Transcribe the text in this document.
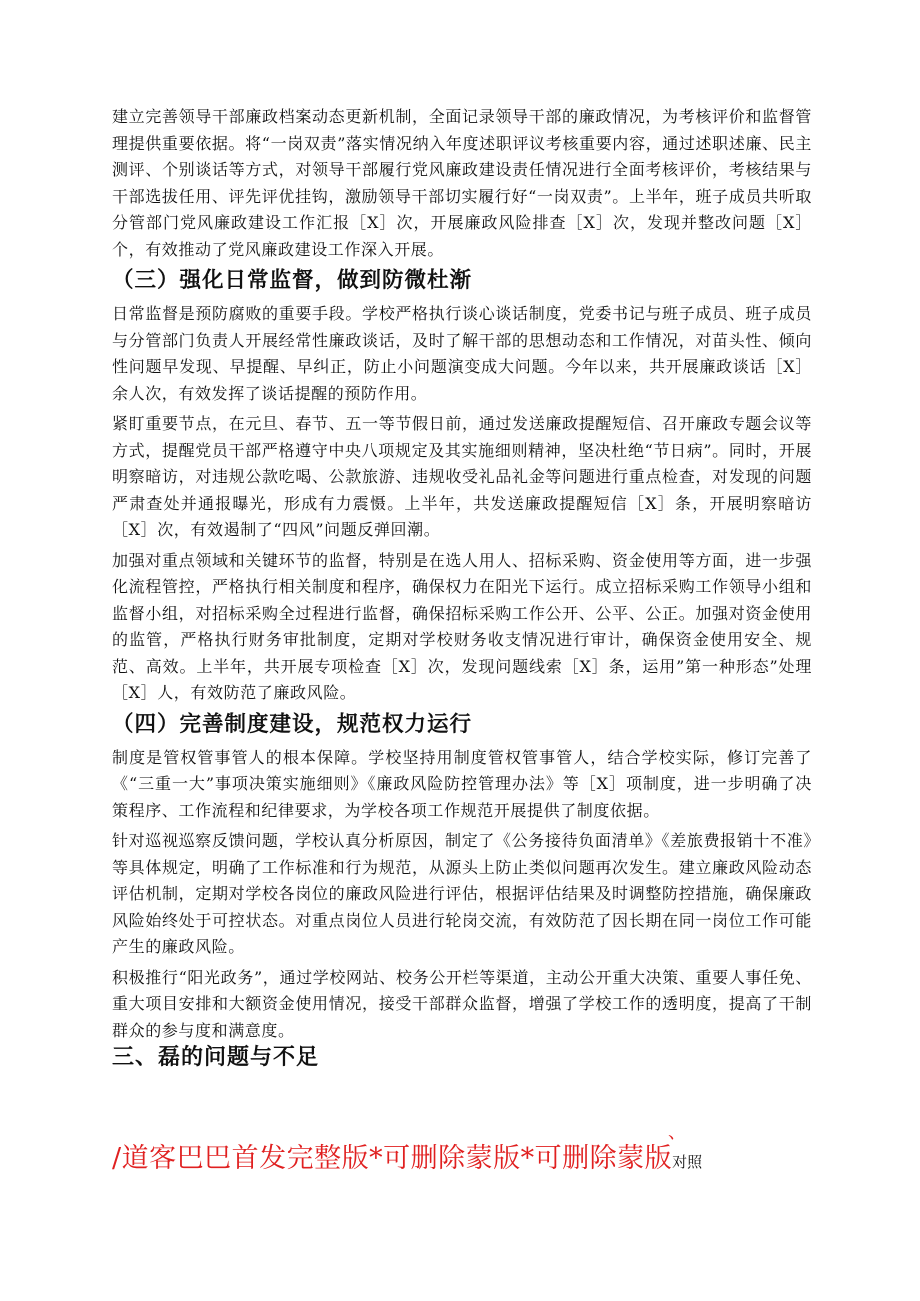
建立完善领导干部廉政档案动态更新机制，全面记录领导干部的廉政情况，为考核评价和监督管理提供重要依据。将“一岗双责”落实情况纳入年度述职评议考核重要内容，通过述职述廉、民主测评、个别谈话等方式，对领导干部履行党风廉政建设责任情况进行全面考核评价，考核结果与干部选拔任用、评先评优挂钩，激励领导干部切实履行好“一岗双责”。上半年，班子成员共听取分管部门党风廉政建设工作汇报［X］次，开展廉政风险排查［X］次，发现并整改问题［X］个，有效推动了党风廉政建设工作深入开展。

（三）强化日常监督，做到防微杜渐

日常监督是预防腐败的重要手段。学校严格执行谈心谈话制度，党委书记与班子成员、班子成员与分管部门负责人开展经常性廉政谈话，及时了解干部的思想动态和工作情况，对苗头性、倾向性问题早发现、早提醒、早纠正，防止小问题演变成大问题。今年以来，共开展廉政谈话［X］余人次，有效发挥了谈话提醒的预防作用。

紧盯重要节点，在元旦、春节、五一等节假日前，通过发送廉政提醒短信、召开廉政专题会议等方式，提醒党员干部严格遵守中央八项规定及其实施细则精神，坚决杜绝“节日病”。同时，开展明察暗访，对违规公款吃喝、公款旅游、违规收受礼品礼金等问题进行重点检查，对发现的问题严肃查处并通报曝光，形成有力震慑。上半年，共发送廉政提醒短信［X］条，开展明察暗访［X］次，有效遏制了“四风”问题反弹回潮。

加强对重点领域和关键环节的监督，特别是在选人用人、招标采购、资金使用等方面，进一步强化流程管控，严格执行相关制度和程序，确保权力在阳光下运行。成立招标采购工作领导小组和监督小组，对招标采购全过程进行监督，确保招标采购工作公开、公平、公正。加强对资金使用的监管，严格执行财务审批制度，定期对学校财务收支情况进行审计，确保资金使用安全、规范、高效。上半年，共开展专项检查［X］次，发现问题线索［X］条，运用”第一种形态”处理［X］人，有效防范了廉政风险。

（四）完善制度建设，规范权力运行

制度是管权管事管人的根本保障。学校坚持用制度管权管事管人，结合学校实际，修订完善了《“三重一大”事项决策实施细则》《廉政风险防控管理办法》等［X］项制度，进一步明确了决策程序、工作流程和纪律要求，为学校各项工作规范开展提供了制度依据。

针对巡视巡察反馈问题，学校认真分析原因，制定了《公务接待负面清单》《差旅费报销十不准》等具体规定，明确了工作标准和行为规范，从源头上防止类似问题再次发生。建立廉政风险动态评估机制，定期对学校各岗位的廉政风险进行评估，根据评估结果及时调整防控措施，确保廉政风险始终处于可控状态。对重点岗位人员进行轮岗交流，有效防范了因长期在同一岗位工作可能产生的廉政风险。

积极推行“阳光政务”，通过学校网站、校务公开栏等渠道，主动公开重大决策、重要人事任免、重大项目安排和大额资金使用情况，接受干部群众监督，增强了学校工作的透明度，提高了干制群众的参与度和满意度。

三、磊的问题与不足
、
/道客巴巴首发完整版*可删除蒙版*可删除蒙版对照
